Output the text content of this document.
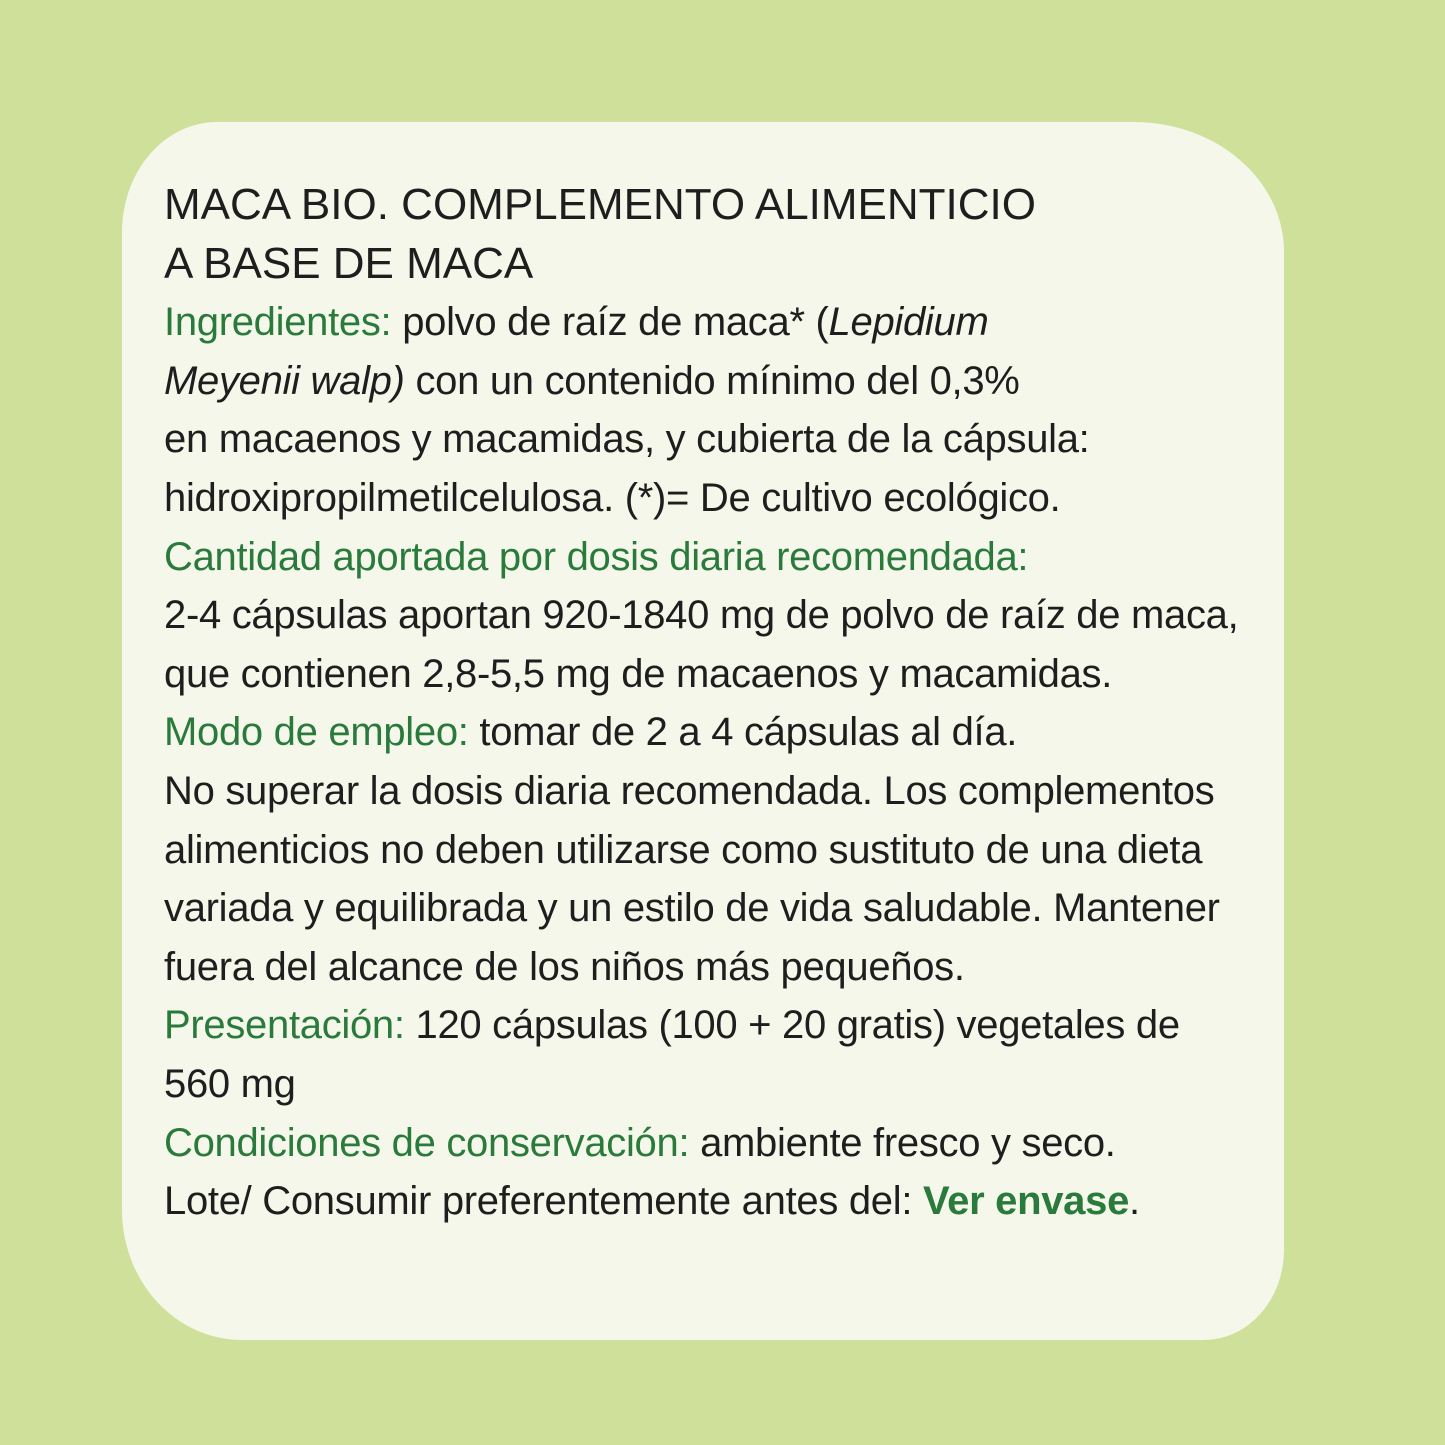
MACA BIO. COMPLEMENTO ALIMENTICIO

A BASE DE MACA

Ingredientes: polvo de raíz de maca* (Lepidium

Meyenii walp) con un contenido mínimo del 0,3%

en macaenos y macamidas, y cubierta de la cápsula:

hidroxipropilmetilcelulosa. (*)= De cultivo ecológico.

Cantidad aportada por dosis diaria recomendada:

2-4 cápsulas aportan 920-1840 mg de polvo de raíz de maca,

que contienen 2,8-5,5 mg de macaenos y macamidas.

Modo de empleo: tomar de 2 a 4 cápsulas al día.

No superar la dosis diaria recomendada. Los complementos

alimenticios no deben utilizarse como sustituto de una dieta

variada y equilibrada y un estilo de vida saludable. Mantener

fuera del alcance de los niños más pequeños.

Presentación: 120 cápsulas (100 + 20 gratis) vegetales de

560 mg

Condiciones de conservación: ambiente fresco y seco.

Lote/ Consumir preferentemente antes del: Ver envase.
